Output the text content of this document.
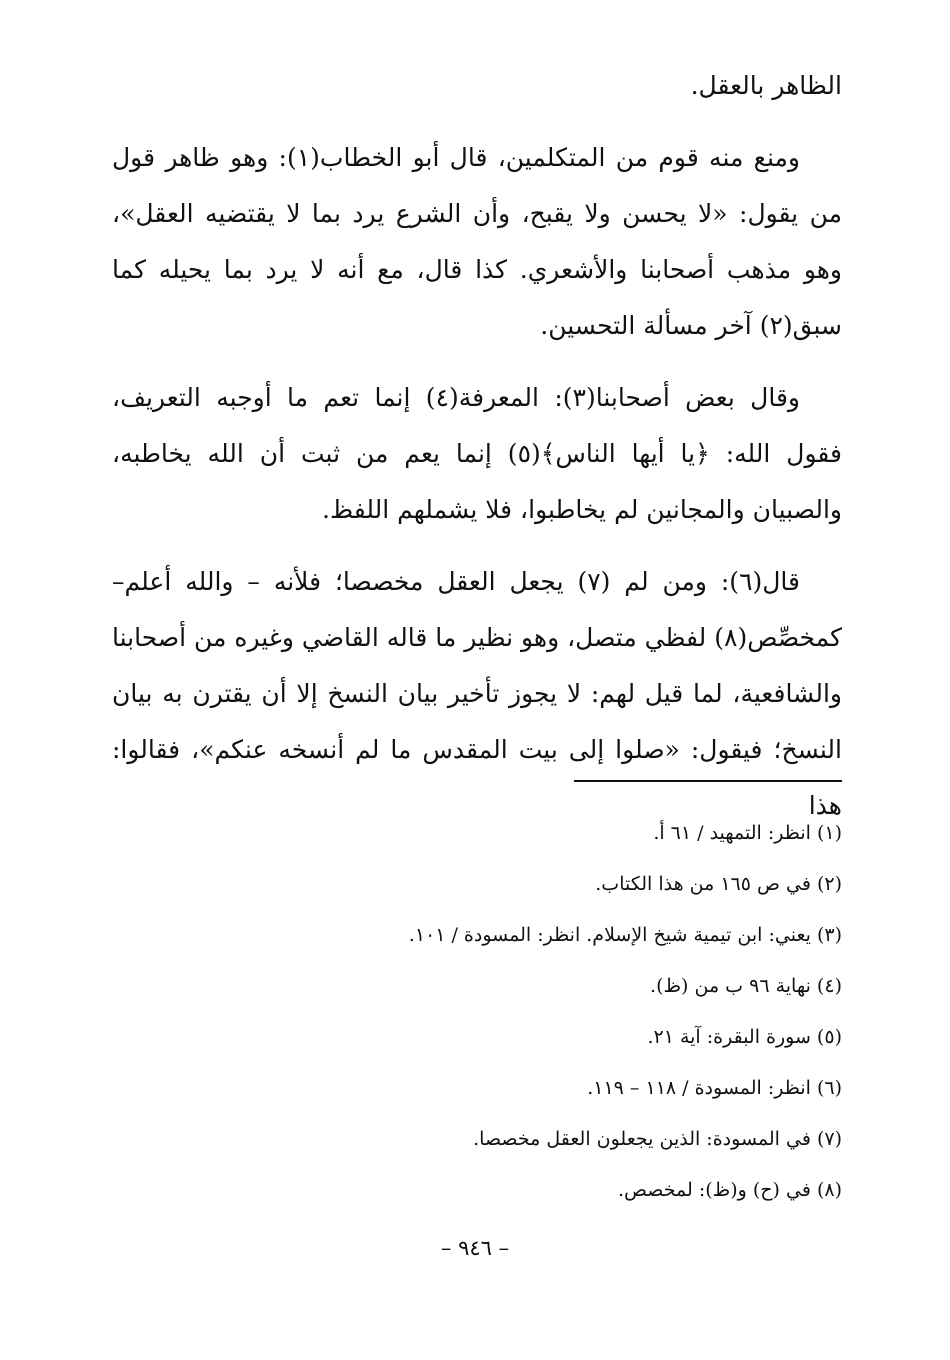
الظاهر بالعقل.

ومنع منه قوم من المتكلمين، قال أبو الخطاب(١): وهو ظاهر قول من يقول: «لا يحسن ولا يقبح، وأن الشرع يرد بما لا يقتضيه العقل»، وهو مذهب أصحابنا والأشعري. كذا قال، مع أنه لا يرد بما يحيله كما سبق(٢) آخر مسألة التحسين.

وقال بعض أصحابنا(٣): المعرفة(٤) إنما تعم ما أوجبه التعريف، فقول الله: ﴿يا أيها الناس﴾(٥) إنما يعم من ثبت أن الله يخاطبه، والصبيان والمجانين لم يخاطبوا، فلا يشملهم اللفظ.

قال(٦): ومن لم (٧) يجعل العقل مخصصا؛ فلأنه – والله أعلم– كمخصِّص(٨) لفظي متصل، وهو نظير ما قاله القاضي وغيره من أصحابنا والشافعية، لما قيل لهم: لا يجوز تأخير بيان النسخ إلا أن يقترن به بيان النسخ؛ فيقول: «صلوا إلى بيت المقدس ما لم أنسخه عنكم»، فقالوا: هذا

(١) انظر: التمهيد / ٦١ أ.
(٢) في ص ١٦٥ من هذا الكتاب.
(٣) يعني: ابن تيمية شيخ الإسلام. انظر: المسودة / ١٠١.
(٤) نهاية ٩٦ ب من (ظ).
(٥) سورة البقرة: آية ٢١.
(٦) انظر: المسودة / ١١٨ – ١١٩.
(٧) في المسودة: الذين يجعلون العقل مخصصا.
(٨) في (ح) و(ظ): لمخصص.
– ٩٤٦ –
